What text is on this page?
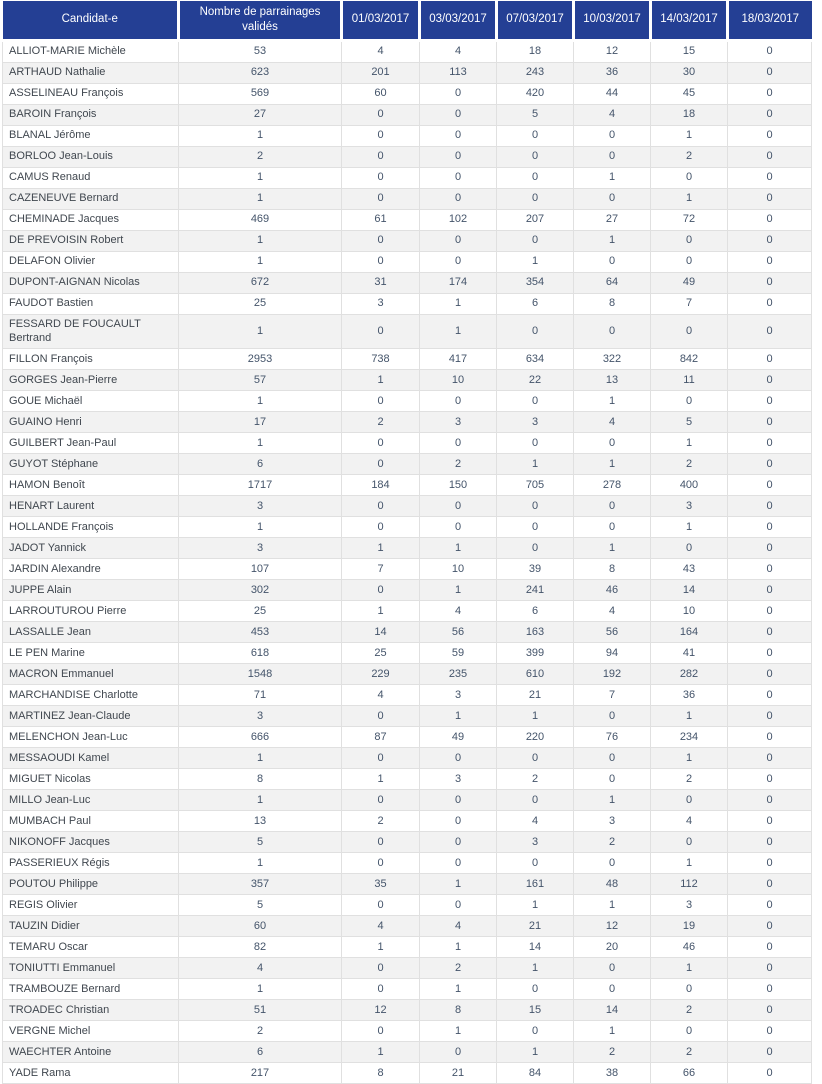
Candidat-e	Nombre de parrainages validés	01/03/2017	03/03/2017	07/03/2017	10/03/2017	14/03/2017	18/03/2017
ALLIOT-MARIE Michèle	53	4	4	18	12	15	0
ARTHAUD Nathalie	623	201	113	243	36	30	0
ASSELINEAU François	569	60	0	420	44	45	0
BAROIN François	27	0	0	5	4	18	0
BLANAL Jérôme	1	0	0	0	0	1	0
BORLOO Jean-Louis	2	0	0	0	0	2	0
CAMUS Renaud	1	0	0	0	1	0	0
CAZENEUVE Bernard	1	0	0	0	0	1	0
CHEMINADE Jacques	469	61	102	207	27	72	0
DE PREVOISIN Robert	1	0	0	0	1	0	0
DELAFON Olivier	1	0	0	1	0	0	0
DUPONT-AIGNAN Nicolas	672	31	174	354	64	49	0
FAUDOT Bastien	25	3	1	6	8	7	0
FESSARD DE FOUCAULT Bertrand	1	0	1	0	0	0	0
FILLON François	2953	738	417	634	322	842	0
GORGES Jean-Pierre	57	1	10	22	13	11	0
GOUE Michaël	1	0	0	0	1	0	0
GUAINO Henri	17	2	3	3	4	5	0
GUILBERT Jean-Paul	1	0	0	0	0	1	0
GUYOT Stéphane	6	0	2	1	1	2	0
HAMON Benoît	1717	184	150	705	278	400	0
HENART Laurent	3	0	0	0	0	3	0
HOLLANDE François	1	0	0	0	0	1	0
JADOT Yannick	3	1	1	0	1	0	0
JARDIN Alexandre	107	7	10	39	8	43	0
JUPPE Alain	302	0	1	241	46	14	0
LARROUTUROU Pierre	25	1	4	6	4	10	0
LASSALLE Jean	453	14	56	163	56	164	0
LE PEN Marine	618	25	59	399	94	41	0
MACRON Emmanuel	1548	229	235	610	192	282	0
MARCHANDISE Charlotte	71	4	3	21	7	36	0
MARTINEZ Jean-Claude	3	0	1	1	0	1	0
MELENCHON Jean-Luc	666	87	49	220	76	234	0
MESSAOUDI Kamel	1	0	0	0	0	1	0
MIGUET Nicolas	8	1	3	2	0	2	0
MILLO Jean-Luc	1	0	0	0	1	0	0
MUMBACH Paul	13	2	0	4	3	4	0
NIKONOFF Jacques	5	0	0	3	2	0	0
PASSERIEUX Régis	1	0	0	0	0	1	0
POUTOU Philippe	357	35	1	161	48	112	0
REGIS Olivier	5	0	0	1	1	3	0
TAUZIN Didier	60	4	4	21	12	19	0
TEMARU Oscar	82	1	1	14	20	46	0
TONIUTTI Emmanuel	4	0	2	1	0	1	0
TRAMBOUZE Bernard	1	0	1	0	0	0	0
TROADEC Christian	51	12	8	15	14	2	0
VERGNE Michel	2	0	1	0	1	0	0
WAECHTER Antoine	6	1	0	1	2	2	0
YADE Rama	217	8	21	84	38	66	0
